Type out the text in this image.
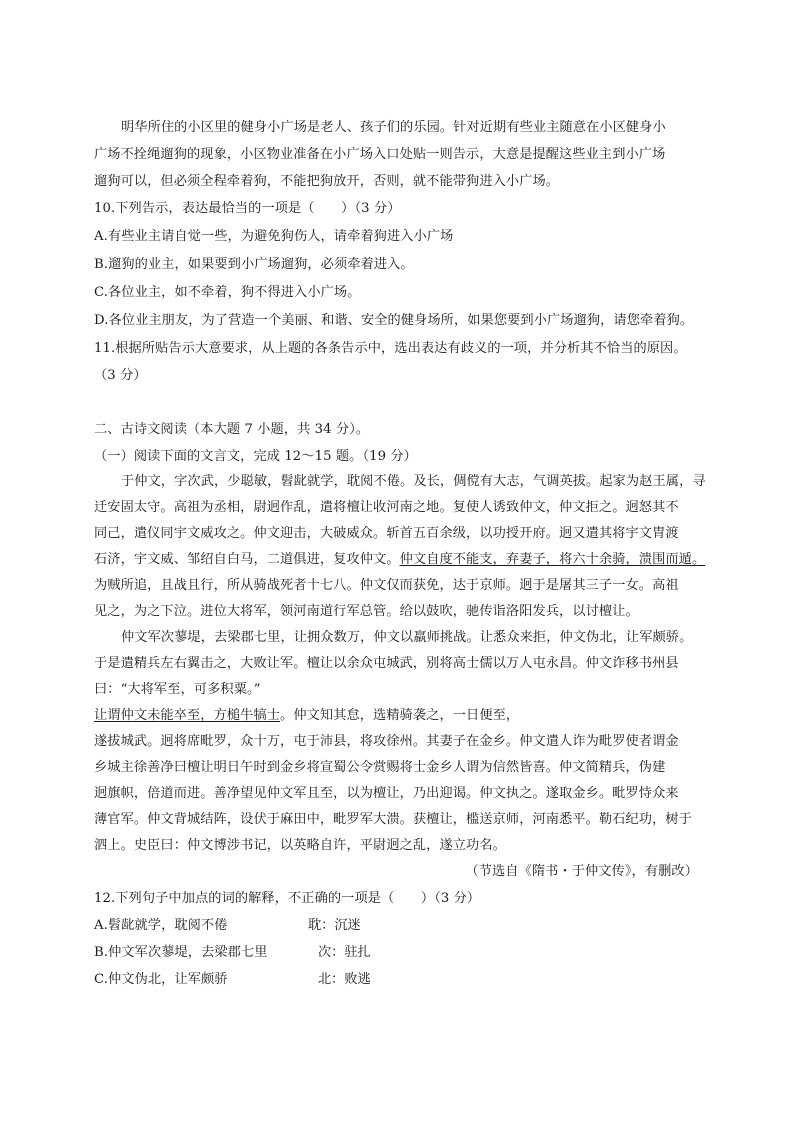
明华所住的小区里的健身小广场是老人、孩子们的乐园。针对近期有些业主随意在小区健身小
广场不拴绳遛狗的现象，小区物业准备在小广场入口处贴一则告示，大意是提醒这些业主到小广场
遛狗可以，但必须全程牵着狗，不能把狗放开，否则，就不能带狗进入小广场。
10.下列告示，表达最恰当的一项是（　　）（3 分）
A.有些业主请自觉一些，为避免狗伤人，请牵着狗进入小广场
B.遛狗的业主，如果要到小广场遛狗，必须牵着进入。
C.各位业主，如不牵着，狗不得进入小广场。
D.各位业主朋友，为了营造一个美丽、和谐、安全的健身场所，如果您要到小广场遛狗，请您牵着狗。
11.根据所贴告示大意要求，从上题的各条告示中，选出表达有歧义的一项，并分析其不恰当的原因。
（3 分）
二、古诗文阅读（本大题 7 小题，共 34 分）。
（一）阅读下面的文言文，完成 12～15 题。（19 分）
于仲文，字次武，少聪敏，髫龀就学，耽阅不倦。及长，倜傥有大志，气调英拔。起家为赵王属，寻
迁安固太守。高祖为丞相，尉迥作乱，遣将檀让收河南之地。复使人诱致仲文，仲文拒之。迥怒其不
同己，遣仪同宇文威攻之。仲文迎击，大破威众。斩首五百余级，以功授开府。迥又遣其将宇文胄渡
石济，宇文威、邹绍自白马，二道俱进，复攻仲文。仲文自度不能支，弃妻子，将六十余骑，溃围而遁。
为贼所追，且战且行，所从骑战死者十七八。仲文仅而获免，达于京师。迥于是屠其三子一女。高祖
见之，为之下泣。进位大将军，领河南道行军总管。给以鼓吹，驰传诣洛阳发兵，以讨檀让。
仲文军次蓼堤，去梁郡七里，让拥众数万，仲文以羸师挑战。让悉众来拒，仲文伪北，让军颇骄。
于是遣精兵左右翼击之，大败让军。檀让以余众屯城武，别将高士儒以万人屯永昌。仲文诈移书州县
曰：“大将军至，可多积粟。”
让谓仲文未能卒至，方槌牛犒士。仲文知其怠，选精骑袭之，一日便至，
遂拔城武。迥将席毗罗，众十万，屯于沛县，将攻徐州。其妻子在金乡。仲文遣人诈为毗罗使者谓金
乡城主徐善净曰檀让明日午时到金乡将宣蜀公令赏赐将士金乡人谓为信然皆喜。仲文简精兵，伪建
迥旗帜，倍道而进。善净望见仲文军且至，以为檀让，乃出迎谒。仲文执之。遂取金乡。毗罗恃众来
薄官军。仲文背城结阵，设伏于麻田中，毗罗军大溃。获檀让，槛送京师，河南悉平。勒石纪功，树于
泗上。史臣曰：仲文博涉书记，以英略自许，平尉迥之乱，遂立功名。
（节选自《隋书・于仲文传》，有删改）
12.下列句子中加点的词的解释，不正确的一项是（　　）（3 分）
A.髫龀就学，耽阅不倦	耽：沉迷
B.仲文军次蓼堤，去梁郡七里	次：驻扎
C.仲文伪北，让军颇骄	北：败逃
